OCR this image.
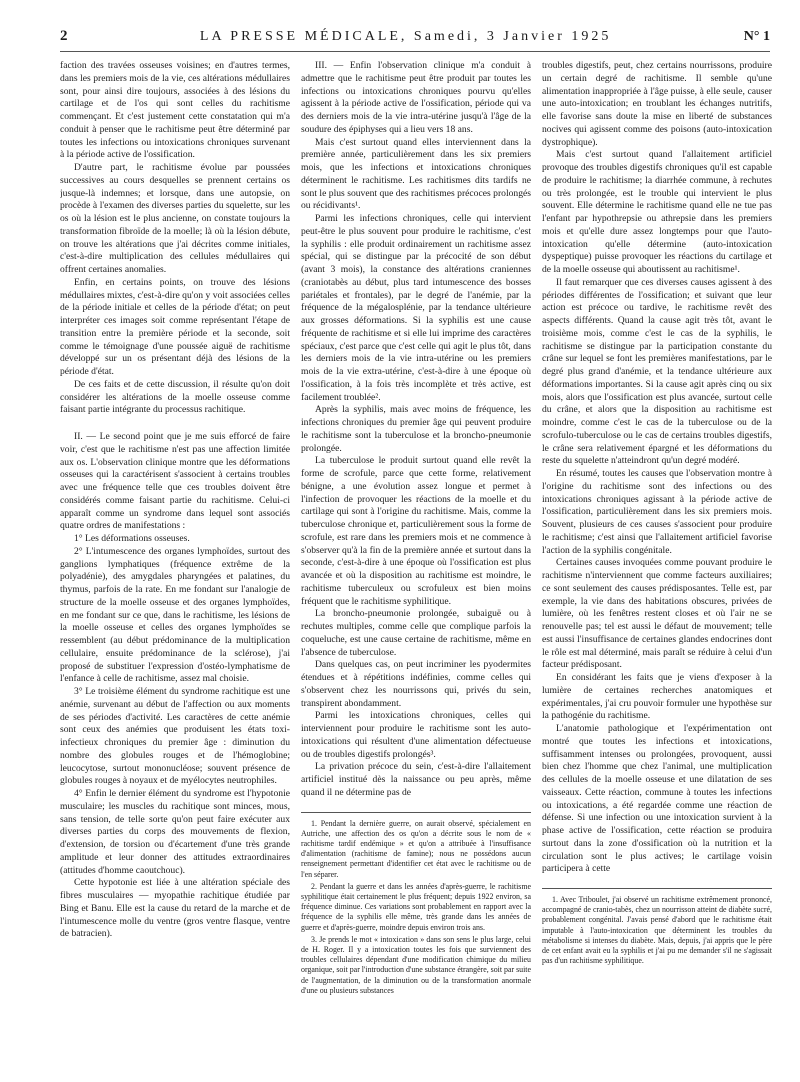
2	LA PRESSE MÉDICALE, Samedi, 3 Janvier 1925	N° 1

faction des travées osseuses voisines; en d'autres termes, dans les premiers mois de la vie, ces altérations médullaires sont, pour ainsi dire toujours, associées à des lésions du cartilage et de l'os qui sont celles du rachitisme commençant. Et c'est justement cette constatation qui m'a conduit à penser que le rachitisme peut être déterminé par toutes les infections ou intoxications chroniques survenant à la période active de l'ossification.

D'autre part, le rachitisme évolue par poussées successives au cours desquelles se prennent certains os jusque-là indemnes; et lorsque, dans une autopsie, on procède à l'examen des diverses parties du squelette, sur les os où la lésion est le plus ancienne, on constate toujours la transformation fibroïde de la moelle; là où la lésion débute, on trouve les altérations que j'ai décrites comme initiales, c'est-à-dire multiplication des cellules médullaires qui offrent certaines anomalies.

Enfin, en certains points, on trouve des lésions médullaires mixtes, c'est-à-dire qu'on y voit associées celles de la période initiale et celles de la période d'état; on peut interpréter ces images soit comme représentant l'étape de transition entre la première période et la seconde, soit comme le témoignage d'une poussée aiguë de rachitisme développé sur un os présentant déjà des lésions de la période d'état.

De ces faits et de cette discussion, il résulte qu'on doit considérer les altérations de la moelle osseuse comme faisant partie intégrante du processus rachitique.

II. — Le second point que je me suis efforcé de faire voir, c'est que le rachitisme n'est pas une affection limitée aux os. L'observation clinique montre que les déformations osseuses qui la caractérisent s'associent à certains troubles avec une fréquence telle que ces troubles doivent être considérés comme faisant partie du rachitisme. Celui-ci apparaît comme un syndrome dans lequel sont associés quatre ordres de manifestations :

1° Les déformations osseuses.

2° L'intumescence des organes lymphoïdes, surtout des ganglions lymphatiques (fréquence extrême de la polyadénie), des amygdales pharyngées et palatines, du thymus, parfois de la rate. En me fondant sur l'analogie de structure de la moelle osseuse et des organes lymphoïdes, en me fondant sur ce que, dans le rachitisme, les lésions de la moelle osseuse et celles des organes lymphoïdes se ressemblent (au début prédominance de la multiplication cellulaire, ensuite prédominance de la sclérose), j'ai proposé de substituer l'expression d'ostéo-lymphatisme de l'enfance à celle de rachitisme, assez mal choisie.

3° Le troisième élément du syndrome rachitique est une anémie, survenant au début de l'affection ou aux moments de ses périodes d'activité. Les caractères de cette anémie sont ceux des anémies que produisent les états toxi-infectieux chroniques du premier âge : diminution du nombre des globules rouges et de l'hémoglobine; leucocytose, surtout mononucléose; souvent présence de globules rouges à noyaux et de myélocytes neutrophiles.

4° Enfin le dernier élément du syndrome est l'hypotonie musculaire; les muscles du rachitique sont minces, mous, sans tension, de telle sorte qu'on peut faire exécuter aux diverses parties du corps des mouvements de flexion, d'extension, de torsion ou d'écartement d'une très grande amplitude et leur donner des attitudes extraordinaires (attitudes d'homme caoutchouc).

Cette hypotonie est liée à une altération spéciale des fibres musculaires — myopathie rachitique étudiée par Bing et Banu. Elle est la cause du retard de la marche et de l'intumescence molle du ventre (gros ventre flasque, ventre de batracien).

III. — Enfin l'observation clinique m'a conduit à admettre que le rachitisme peut être produit par toutes les infections ou intoxications chroniques pourvu qu'elles agissent à la période active de l'ossification, période qui va des derniers mois de la vie intra-utérine jusqu'à l'âge de la soudure des épiphyses qui a lieu vers 18 ans.

Mais c'est surtout quand elles interviennent dans la première année, particulièrement dans les six premiers mois, que les infections et intoxications chroniques déterminent le rachitisme. Les rachitismes dits tardifs ne sont le plus souvent que des rachitismes précoces prolongés ou récidivants¹.

Parmi les infections chroniques, celle qui intervient peut-être le plus souvent pour produire le rachitisme, c'est la syphilis : elle produit ordinairement un rachitisme assez spécial, qui se distingue par la précocité de son début (avant 3 mois), la constance des altérations craniennes (craniotabès au début, plus tard intumescence des bosses pariétales et frontales), par le degré de l'anémie, par la fréquence de la mégalosplénie, par la tendance ultérieure aux grosses déformations. Si la syphilis est une cause fréquente de rachitisme et si elle lui imprime des caractères spéciaux, c'est parce que c'est celle qui agit le plus tôt, dans les derniers mois de la vie intra-utérine ou les premiers mois de la vie extra-utérine, c'est-à-dire à une époque où l'ossification, à la fois très incomplète et très active, est facilement troublée².

Après la syphilis, mais avec moins de fréquence, les infections chroniques du premier âge qui peuvent produire le rachitisme sont la tuberculose et la broncho-pneumonie prolongée.

La tuberculose le produit surtout quand elle revêt la forme de scrofule, parce que cette forme, relativement bénigne, a une évolution assez longue et permet à l'infection de provoquer les réactions de la moelle et du cartilage qui sont à l'origine du rachitisme. Mais, comme la tuberculose chronique et, particulièrement sous la forme de scrofule, est rare dans les premiers mois et ne commence à s'observer qu'à la fin de la première année et surtout dans la seconde, c'est-à-dire à une époque où l'ossification est plus avancée et où la disposition au rachitisme est moindre, le rachitisme tuberculeux ou scrofuleux est bien moins fréquent que le rachitisme syphilitique.

La broncho-pneumonie prolongée, subaiguë ou à rechutes multiples, comme celle que complique parfois la coqueluche, est une cause certaine de rachitisme, même en l'absence de tuberculose.

Dans quelques cas, on peut incriminer les pyodermites étendues et à répétitions indéfinies, comme celles qui s'observent chez les nourrissons qui, privés du sein, transpirent abondamment.

Parmi les intoxications chroniques, celles qui interviennent pour produire le rachitisme sont les auto-intoxications qui résultent d'une alimentation défectueuse ou de troubles digestifs prolongés³.

La privation précoce du sein, c'est-à-dire l'allaitement artificiel institué dès la naissance ou peu après, même quand il ne détermine pas de

1. Pendant la dernière guerre, on aurait observé, spécialement en Autriche, une affection des os qu'on a décrite sous le nom de « rachitisme tardif endémique » et qu'on a attribuée à l'insuffisance d'alimentation (rachitisme de famine); nous ne possédons aucun renseignement permettant d'identifier cet état avec le rachitisme ou de l'en séparer.

2. Pendant la guerre et dans les années d'après-guerre, le rachitisme syphilitique était certainement le plus fréquent; depuis 1922 environ, sa fréquence diminue. Ces variations sont probablement en rapport avec la fréquence de la syphilis elle même, très grande dans les années de guerre et d'après-guerre, moindre depuis environ trois ans.

3. Je prends le mot « intoxication » dans son sens le plus large, celui de H. Roger. Il y a intoxication toutes les fois que surviennent des troubles cellulaires dépendant d'une modification chimique du milieu organique, soit par l'introduction d'une substance étrangère, soit par suite de l'augmentation, de la diminution ou de la transformation anormale d'une ou plusieurs substances

troubles digestifs, peut, chez certains nourrissons, produire un certain degré de rachitisme. Il semble qu'une alimentation inappropriée à l'âge puisse, à elle seule, causer une auto-intoxication; en troublant les échanges nutritifs, elle favorise sans doute la mise en liberté de substances nocives qui agissent comme des poisons (auto-intoxication dystrophique).

Mais c'est surtout quand l'allaitement artificiel provoque des troubles digestifs chroniques qu'il est capable de produire le rachitisme; la diarrhée commune, à rechutes ou très prolongée, est le trouble qui intervient le plus souvent. Elle détermine le rachitisme quand elle ne tue pas l'enfant par hypothrepsie ou athrepsie dans les premiers mois et qu'elle dure assez longtemps pour que l'auto-intoxication qu'elle détermine (auto-intoxication dyspeptique) puisse provoquer les réactions du cartilage et de la moelle osseuse qui aboutissent au rachitisme¹.

Il faut remarquer que ces diverses causes agissent à des périodes différentes de l'ossification; et suivant que leur action est précoce ou tardive, le rachitisme revêt des aspects différents. Quand la cause agit très tôt, avant le troisième mois, comme c'est le cas de la syphilis, le rachitisme se distingue par la participation constante du crâne sur lequel se font les premières manifestations, par le degré plus grand d'anémie, et la tendance ultérieure aux déformations importantes. Si la cause agit après cinq ou six mois, alors que l'ossification est plus avancée, surtout celle du crâne, et alors que la disposition au rachitisme est moindre, comme c'est le cas de la tuberculose ou de la scrofulo-tuberculose ou le cas de certains troubles digestifs, le crâne sera relativement épargné et les déformations du reste du squelette n'atteindront qu'un degré modéré.

En résumé, toutes les causes que l'observation montre à l'origine du rachitisme sont des infections ou des intoxications chroniques agissant à la période active de l'ossification, particulièrement dans les six premiers mois. Souvent, plusieurs de ces causes s'associent pour produire le rachitisme; c'est ainsi que l'allaitement artificiel favorise l'action de la syphilis congénitale.

Certaines causes invoquées comme pouvant produire le rachitisme n'interviennent que comme facteurs auxiliaires; ce sont seulement des causes prédisposantes. Telle est, par exemple, la vie dans des habitations obscures, privées de lumière, où les fenêtres restent closes et où l'air ne se renouvelle pas; tel est aussi le défaut de mouvement; telle est aussi l'insuffisance de certaines glandes endocrines dont le rôle est mal déterminé, mais paraît se réduire à celui d'un facteur prédisposant.

En considérant les faits que je viens d'exposer à la lumière de certaines recherches anatomiques et expérimentales, j'ai cru pouvoir formuler une hypothèse sur la pathogénie du rachitisme.

L'anatomie pathologique et l'expérimentation ont montré que toutes les infections et intoxications, suffisamment intenses ou prolongées, provoquent, aussi bien chez l'homme que chez l'animal, une multiplication des cellules de la moelle osseuse et une dilatation de ses vaisseaux. Cette réaction, commune à toutes les infections ou intoxications, a été regardée comme une réaction de défense. Si une infection ou une intoxication survient à la phase active de l'ossification, cette réaction se produira surtout dans la zone d'ossification où la nutrition et la circulation sont le plus actives; le cartilage voisin participera à cette

1. Avec Triboulet, j'ai observé un rachitisme extrêmement prononcé, accompagné de cranio-tabès, chez un nourrisson atteint de diabète sucré, probablement congénital. J'avais pensé d'abord que le rachitisme était imputable à l'auto-intoxication que déterminent les troubles du métabolisme si intenses du diabète. Mais, depuis, j'ai appris que le père de cet enfant avait eu la syphilis et j'ai pu me demander s'il ne s'agissait pas d'un rachitisme syphilitique.
